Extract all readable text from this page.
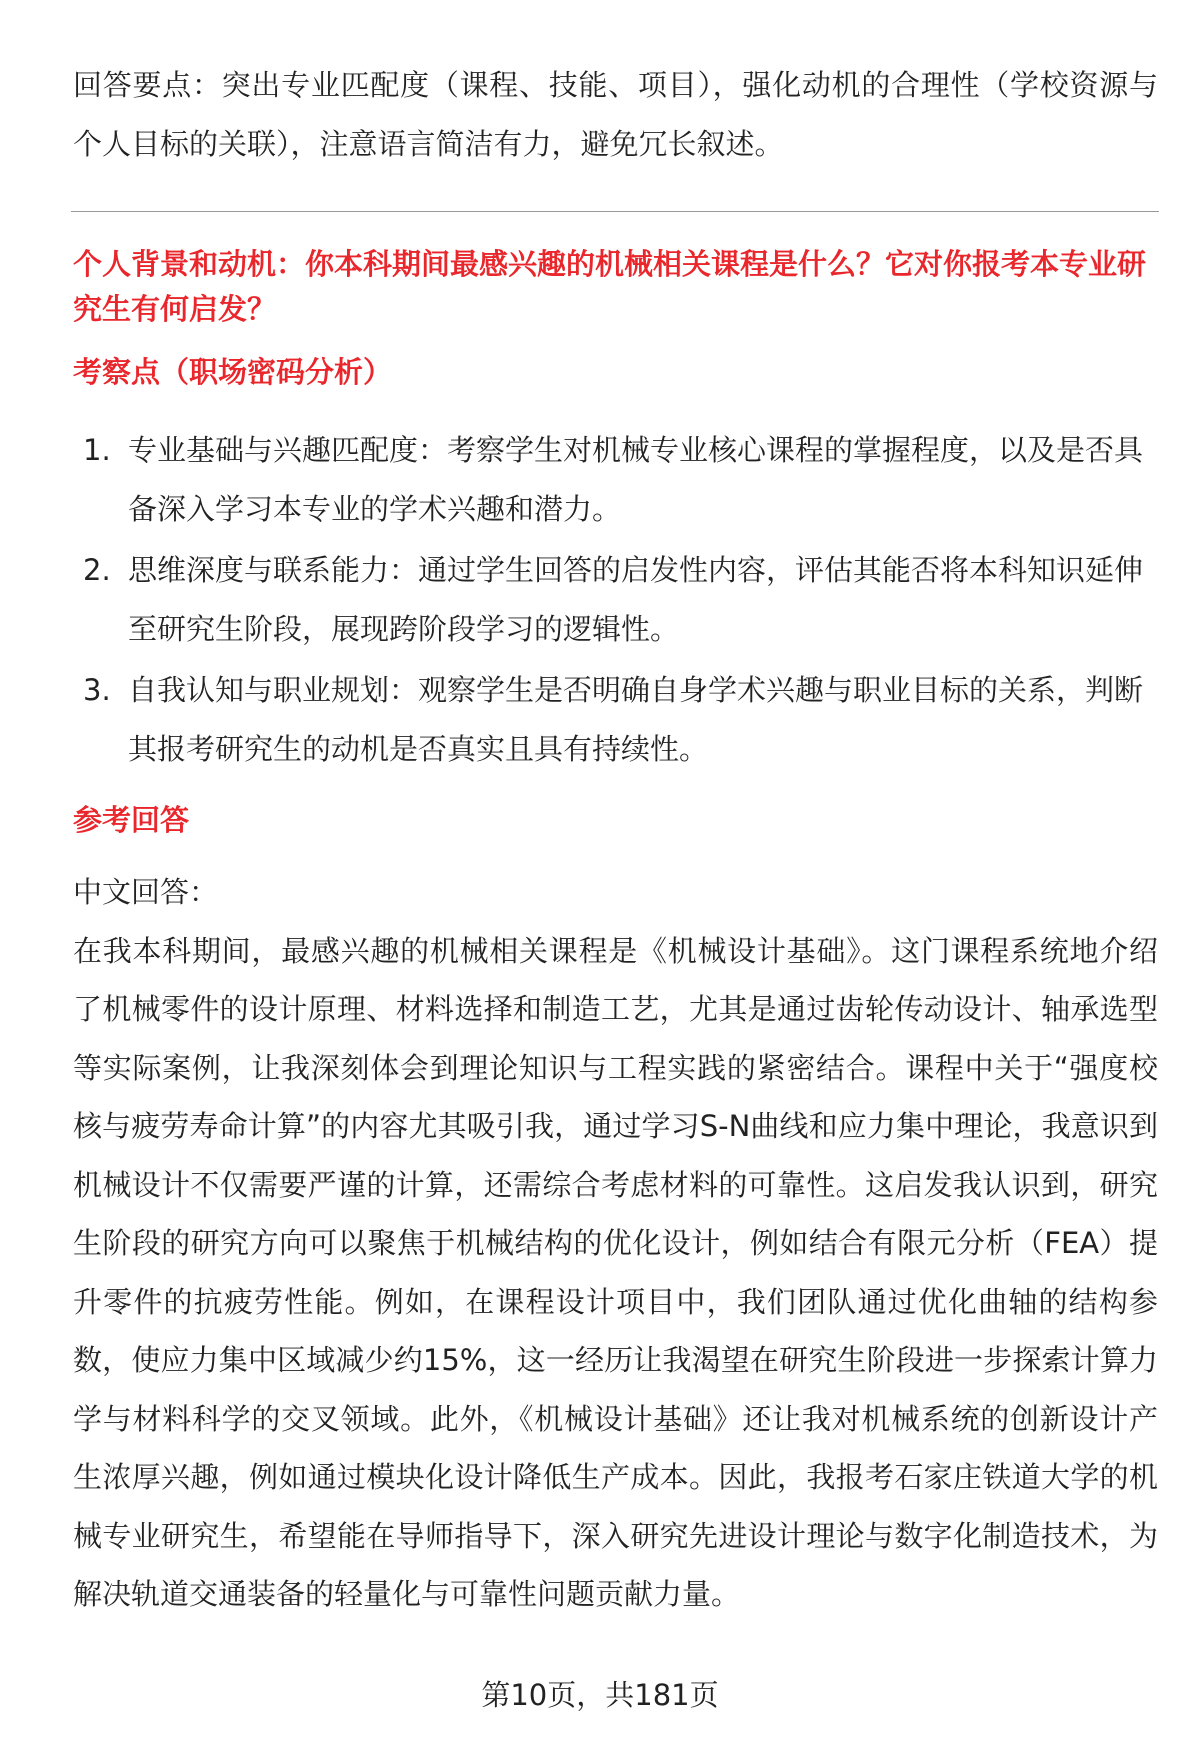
回答要点：突出专业匹配度（课程、技能、项目），强化动机的合理性（学校资源与个人目标的关联），注意语言简洁有力，避免冗长叙述。

个人背景和动机：你本科期间最感兴趣的机械相关课程是什么？它对你报考本专业研究生有何启发？

考察点（职场密码分析）

1. 专业基础与兴趣匹配度：考察学生对机械专业核心课程的掌握程度，以及是否具备深入学习本专业的学术兴趣和潜力。
2. 思维深度与联系能力：通过学生回答的启发性内容，评估其能否将本科知识延伸至研究生阶段，展现跨阶段学习的逻辑性。
3. 自我认知与职业规划：观察学生是否明确自身学术兴趣与职业目标的关系，判断其报考研究生的动机是否真实且具有持续性。

参考回答

中文回答：

在我本科期间，最感兴趣的机械相关课程是《机械设计基础》。这门课程系统地介绍了机械零件的设计原理、材料选择和制造工艺，尤其是通过齿轮传动设计、轴承选型等实际案例，让我深刻体会到理论知识与工程实践的紧密结合。课程中关于“强度校核与疲劳寿命计算”的内容尤其吸引我，通过学习S-N曲线和应力集中理论，我意识到机械设计不仅需要严谨的计算，还需综合考虑材料的可靠性。这启发我认识到，研究生阶段的研究方向可以聚焦于机械结构的优化设计，例如结合有限元分析（FEA）提升零件的抗疲劳性能。例如，在课程设计项目中，我们团队通过优化曲轴的结构参数，使应力集中区域减少约15%，这一经历让我渴望在研究生阶段进一步探索计算力学与材料科学的交叉领域。此外，《机械设计基础》还让我对机械系统的创新设计产生浓厚兴趣，例如通过模块化设计降低生产成本。因此，我报考石家庄铁道大学的机械专业研究生，希望能在导师指导下，深入研究先进设计理论与数字化制造技术，为解决轨道交通装备的轻量化与可靠性问题贡献力量。

第10页，共181页
